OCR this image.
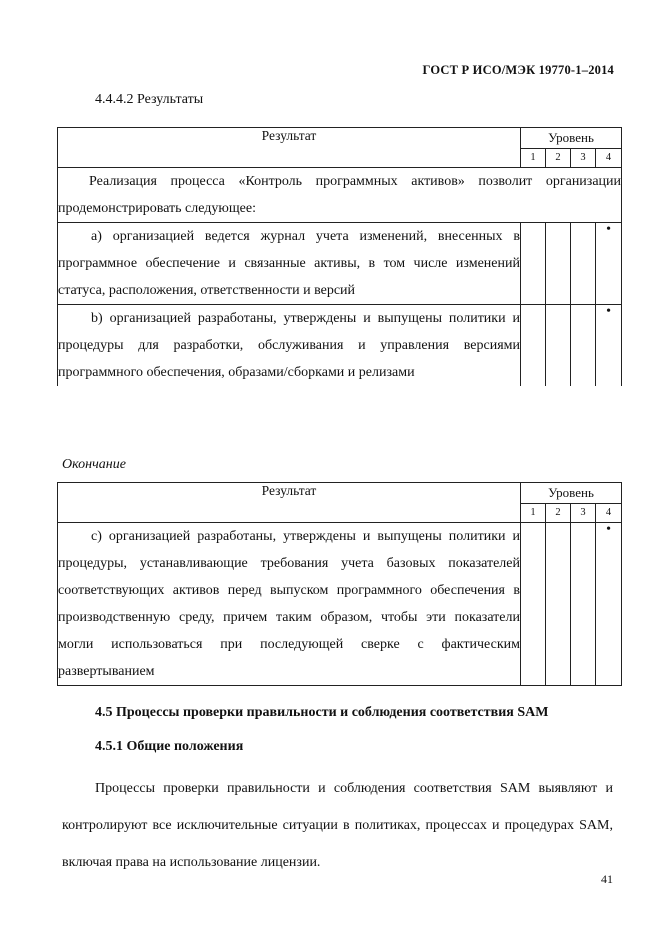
ГОСТ Р ИСО/МЭК 19770-1–2014
4.4.4.2 Результаты
Результат	Уровень			
	1	2	3	4
Реализация процесса «Контроль программных активов» позволит организации продемонстрировать следующее:				
a) организацией ведется журнал учета изменений, внесенных в программное обеспечение и связанные активы, в том числе изменений статуса, расположения, ответственности и версий				•
b) организацией разработаны, утверждены и выпущены политики и процедуры для разработки, обслуживания и управления версиями программного обеспечения, образами/сборками и релизами				•
Окончание
Результат	Уровень			
	1	2	3	4
c) организацией разработаны, утверждены и выпущены политики и процедуры, устанавливающие требования учета базовых показателей соответствующих активов перед выпуском программного обеспечения в производственную среду, причем таким образом, чтобы эти показатели могли использоваться при последующей сверке с фактическим развертыванием				•
4.5 Процессы проверки правильности и соблюдения соответствия SAM
4.5.1 Общие положения
Процессы проверки правильности и соблюдения соответствия SAM выявляют и контролируют все исключительные ситуации в политиках, процессах и процедурах SAM, включая права на использование лицензии.
41
